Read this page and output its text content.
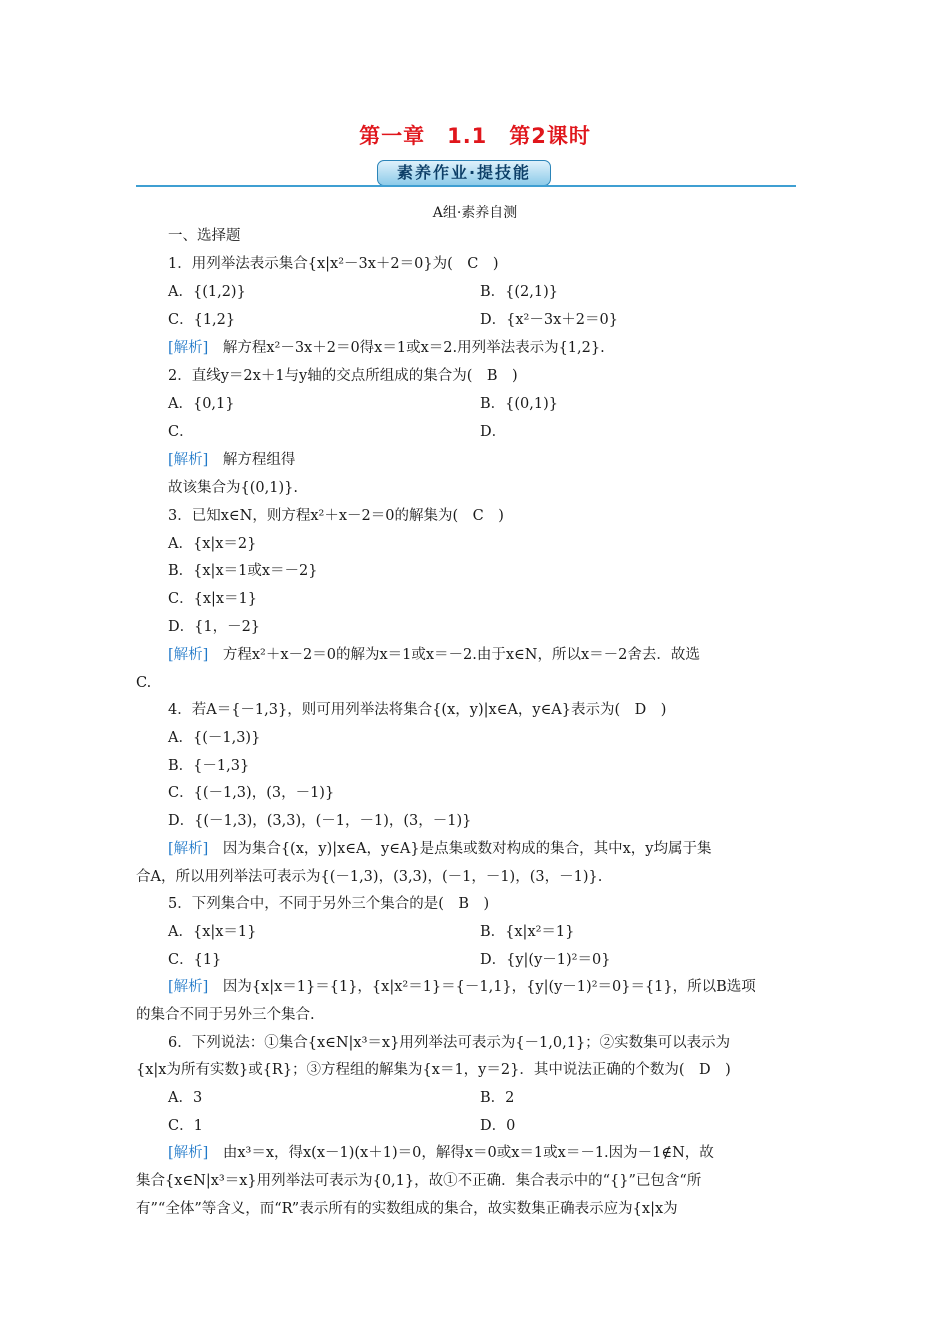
第一章　1.1　第2课时
素养作业·提技能
A组·素养自测
一、选择题
1．用列举法表示集合{x|x²－3x＋2＝0}为(　C　)
A．{(1,2)}	B．{(2,1)}
C．{1,2}	D．{x²－3x＋2＝0}
[解析]　解方程x²－3x＋2＝0得x＝1或x＝2.用列举法表示为{1,2}.
2．直线y＝2x＋1与y轴的交点所组成的集合为(　B　)
A．{0,1}	B．{(0,1)}
C．	D．
[解析]　解方程组得
故该集合为{(0,1)}.
3．已知x∈N，则方程x²＋x－2＝0的解集为(　C　)
A．{x|x＝2}
B．{x|x＝1或x＝－2}
C．{x|x＝1}
D．{1，－2}
[解析]　方程x²＋x－2＝0的解为x＝1或x＝－2.由于x∈N，所以x＝－2舍去．故选
C.
4．若A＝{－1,3}，则可用列举法将集合{(x，y)|x∈A，y∈A}表示为(　D　)
A．{(－1,3)}
B．{－1,3}
C．{(－1,3)，(3，－1)}
D．{(－1,3)，(3,3)，(－1，－1)，(3，－1)}
[解析]　因为集合{(x，y)|x∈A，y∈A}是点集或数对构成的集合，其中x，y均属于集
合A，所以用列举法可表示为{(－1,3)，(3,3)，(－1，－1)，(3，－1)}.
5．下列集合中，不同于另外三个集合的是(　B　)
A．{x|x＝1}	B．{x|x²＝1}
C．{1}	D．{y|(y－1)²＝0}
[解析]　因为{x|x＝1}＝{1}，{x|x²＝1}＝{－1,1}，{y|(y－1)²＝0}＝{1}，所以B选项
的集合不同于另外三个集合.
6．下列说法：①集合{x∈N|x³＝x}用列举法可表示为{－1,0,1}；②实数集可以表示为
{x|x为所有实数}或{R}；③方程组的解集为{x＝1，y＝2}．其中说法正确的个数为(　D　)
A．3	B．2
C．1	D．0
[解析]　由x³＝x，得x(x－1)(x＋1)＝0，解得x＝0或x＝1或x＝－1.因为－1∉N，故
集合{x∈N|x³＝x}用列举法可表示为{0,1}，故①不正确．集合表示中的“{}”已包含“所
有”“全体”等含义，而“R”表示所有的实数组成的集合，故实数集正确表示应为{x|x为
